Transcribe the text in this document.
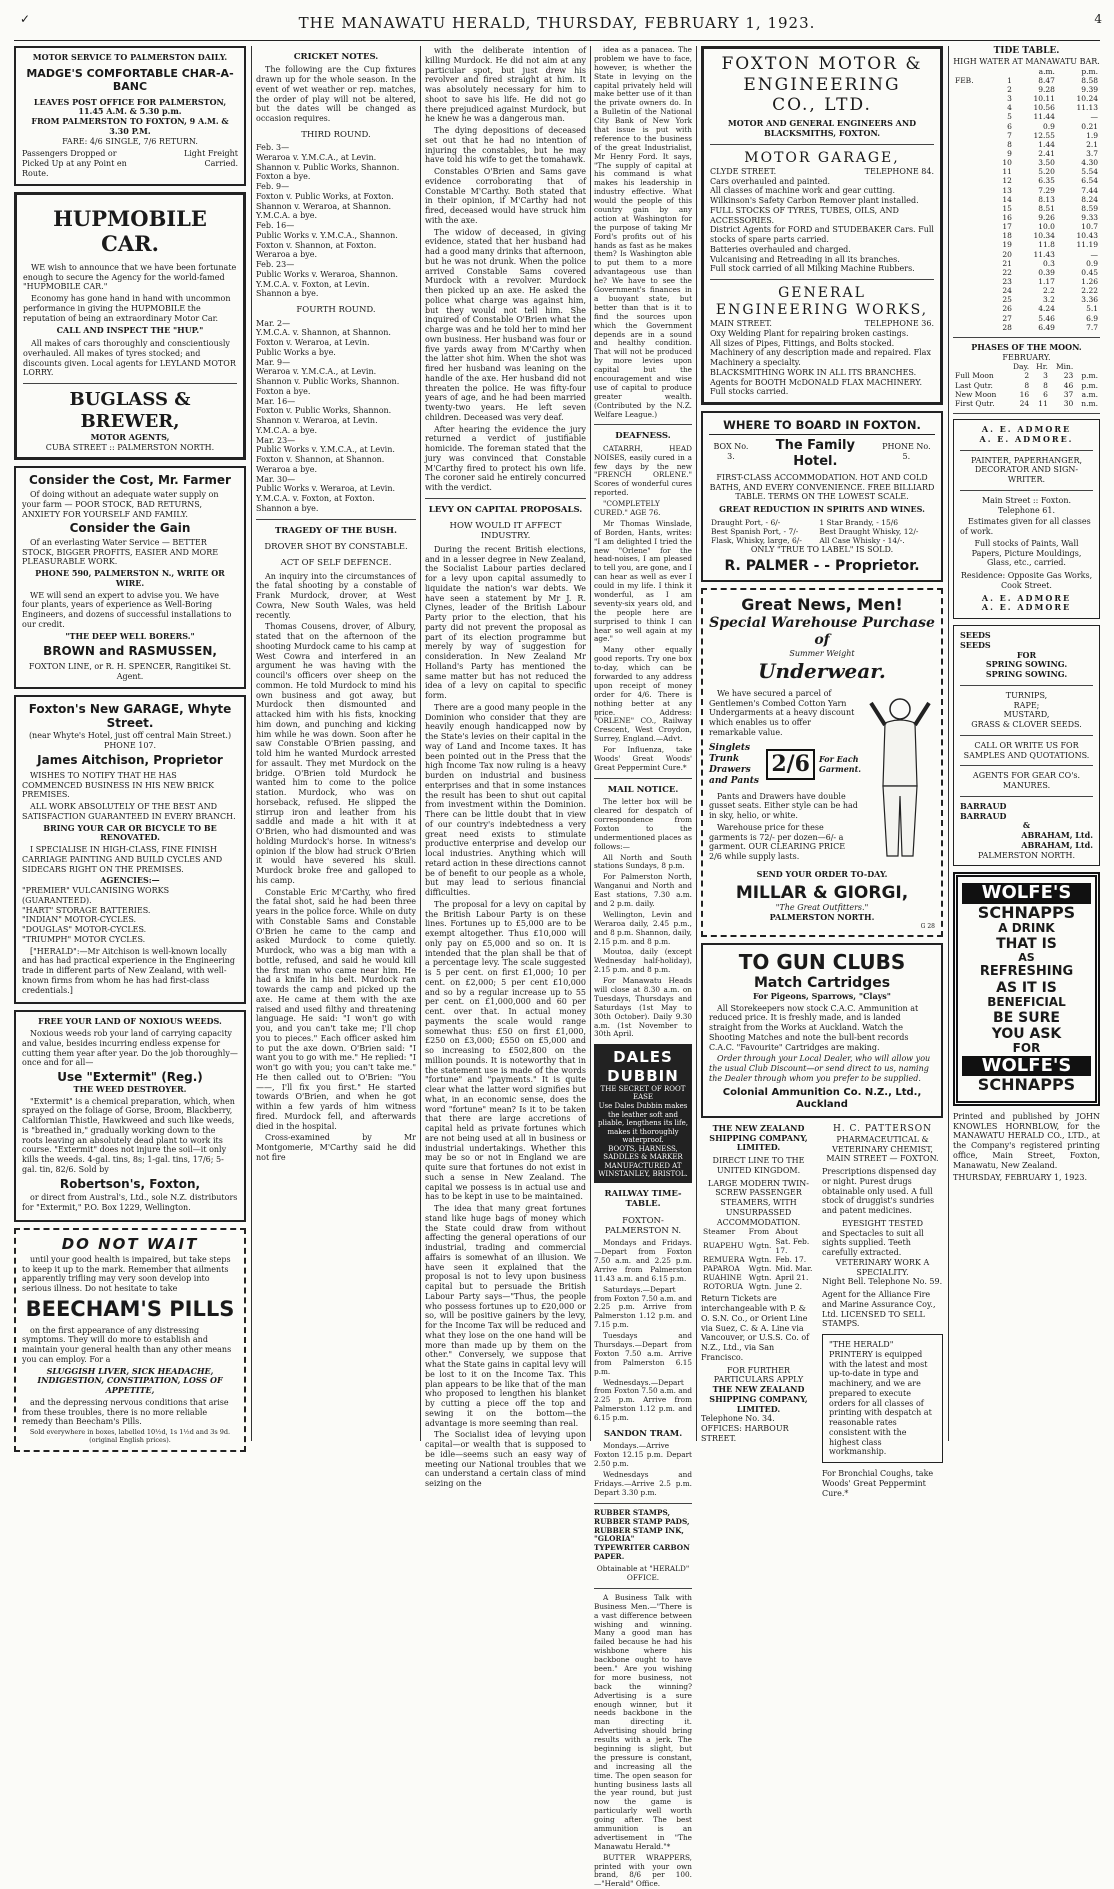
✓	THE MANAWATU HERALD, THURSDAY, FEBRUARY 1, 1923.	4
MOTOR SERVICE TO PALMERSTON DAILY.
MADGE'S COMFORTABLE CHAR-A-BANC
LEAVES POST OFFICE FOR PALMERSTON, 11.45 A.M. & 5.30 p.m.
FROM PALMERSTON TO FOXTON, 9 A.M. & 3.30 P.M.
FARE: 4/6 SINGLE, 7/6 RETURN.
Passengers Dropped or Picked Up at any Point en Route.
Light Freight Carried.
HUPMOBILE CAR.

WE wish to announce that we have been fortunate enough to secure the Agency for the world-famed "HUPMOBILE CAR."

Economy has gone hand in hand with uncommon performance in giving the HUPMOBILE the reputation of being an extraordinary Motor Car.

CALL AND INSPECT THE "HUP."

All makes of cars thoroughly and conscientiously overhauled. All makes of tyres stocked; and discounts given. Local agents for LEYLAND MOTOR LORRY.

BUGLASS & BREWER,
MOTOR AGENTS,
CUBA STREET :: PALMERSTON NORTH.
Consider the Cost, Mr. Farmer

Of doing without an adequate water supply on your farm — POOR STOCK, BAD RETURNS, ANXIETY FOR YOURSELF AND FAMILY.

Consider the Gain

Of an everlasting Water Service — BETTER STOCK, BIGGER PROFITS, EASIER AND MORE PLEASURABLE WORK.

PHONE 590, PALMERSTON N., WRITE OR WIRE.

WE will send an expert to advise you. We have four plants, years of experience as Well-Boring Engineers, and dozens of successful installations to our credit.

"THE DEEP WELL BORERS."
BROWN and RASMUSSEN,
FOXTON LINE, or R. H. SPENCER, Rangitikei St. Agent.
Foxton's New GARAGE, Whyte Street.
(near Whyte's Hotel, just off central Main Street.) PHONE 107.
James Aitchison, Proprietor

WISHES TO NOTIFY THAT HE HAS COMMENCED BUSINESS IN HIS NEW BRICK PREMISES.

ALL WORK ABSOLUTELY OF THE BEST AND SATISFACTION GUARANTEED IN EVERY BRANCH.

BRING YOUR CAR OR BICYCLE TO BE RENOVATED.

I SPECIALISE IN HIGH-CLASS, FINE FINISH CARRIAGE PAINTING AND BUILD CYCLES AND SIDECARS RIGHT ON THE PREMISES.

AGENCIES:—
"PREMIER" VULCANISING WORKS (GUARANTEED).
"HART" STORAGE BATTERIES.
"INDIAN" MOTOR-CYCLES.
"DOUGLAS" MOTOR-CYCLES.
"TRIUMPH" MOTOR CYCLES.

["HERALD":—Mr Aitchison is well-known locally and has had practical experience in the Engineering trade in different parts of New Zealand, with well-known firms from whom he has had first-class credentials.]

FREE YOUR LAND OF NOXIOUS WEEDS.

Noxious weeds rob your land of carrying capacity and value, besides incurring endless expense for cutting them year after year. Do the job thoroughly—once and for all—

Use "Extermit" (Reg.)
THE WEED DESTROYER.

"Extermit" is a chemical preparation, which, when sprayed on the foliage of Gorse, Broom, Blackberry, Californian Thistle, Hawkweed and such like weeds, is "breathed in," gradually working down to the roots leaving an absolutely dead plant to work its course. "Extermit" does not injure the soil—it only kills the weeds. 4-gal. tins, 8s; 1-gal. tins, 17/6; 5-gal. tin, 82/6. Sold by

Robertson's, Foxton,

or direct from Austral's, Ltd., sole N.Z. distributors for "Extermit," P.O. Box 1229, Wellington.

DO NOT WAIT

until your good health is impaired, but take steps to keep it up to the mark. Remember that ailments apparently trifling may very soon develop into serious illness. Do not hesitate to take

BEECHAM'S PILLS

on the first appearance of any distressing symptoms. They will do more to establish and maintain your general health than any other means you can employ. For a

SLUGGISH LIVER, SICK HEADACHE, INDIGESTION, CONSTIPATION, LOSS OF APPETITE,

and the depressing nervous conditions that arise from these troubles, there is no more reliable remedy than Beecham's Pills.

Sold everywhere in boxes, labelled 10½d, 1s 1½d and 3s 9d. (original English prices).
CRICKET NOTES.

The following are the Cup fixtures drawn up for the whole season. In the event of wet weather or rep. matches, the order of play will not be altered, but the dates will be changed as occasion requires.

THIRD ROUND.
Feb. 3—
Weraroa v. Y.M.C.A., at Levin.
Shannon v. Public Works, Shannon.
Foxton a bye.
Feb. 9—
Foxton v. Public Works, at Foxton.
Shannon v. Weraroa, at Shannon.
Y.M.C.A. a bye.
Feb. 16—
Public Works v. Y.M.C.A., Shannon.
Foxton v. Shannon, at Foxton.
Weraroa a bye.
Feb. 23—
Public Works v. Weraroa, Shannon.
Y.M.C.A. v. Foxton, at Levin.
Shannon a bye.
FOURTH ROUND.
Mar. 2—
Y.M.C.A. v. Shannon, at Shannon.
Foxton v. Weraroa, at Levin.
Public Works a bye.
Mar. 9—
Weraroa v. Y.M.C.A., at Levin.
Shannon v. Public Works, Shannon.
Foxton a bye.
Mar. 16—
Foxton v. Public Works, Shannon.
Shannon v. Weraroa, at Levin.
Y.M.C.A. a bye.
Mar. 23—
Public Works v. Y.M.C.A., at Levin.
Foxton v. Shannon, at Shannon.
Weraroa a bye.
Mar. 30—
Public Works v. Weraroa, at Levin.
Y.M.C.A. v. Foxton, at Foxton.
Shannon a bye.
TRAGEDY OF THE BUSH.
DROVER SHOT BY CONSTABLE.
ACT OF SELF DEFENCE.

An inquiry into the circumstances of the fatal shooting by a constable of Frank Murdock, drover, at West Cowra, New South Wales, was held recently.

Thomas Cousens, drover, of Albury, stated that on the afternoon of the shooting Murdock came to his camp at West Cowra and interfered in an argument he was having with the council's officers over sheep on the common. He told Murdock to mind his own business and got away, but Murdock then dismounted and attacked him with his fists, knocking him down, and punching and kicking him while he was down. Soon after he saw Constable O'Brien passing, and told him he wanted Murdock arrested for assault. They met Murdock on the bridge. O'Brien told Murdock he wanted him to come to the police station. Murdock, who was on horseback, refused. He slipped the stirrup iron and leather from his saddle and made a hit with it at O'Brien, who had dismounted and was holding Murdock's horse. In witness's opinion if the blow had struck O'Brien it would have severed his skull. Murdock broke free and galloped to his camp.

Constable Eric M'Carthy, who fired the fatal shot, said he had been three years in the police force. While on duty with Constable Sams and Constable O'Brien he came to the camp and asked Murdock to come quietly. Murdock, who was a big man with a bottle, refused, and said he would kill the first man who came near him. He had a knife in his belt. Murdock ran towards the camp and picked up the axe. He came at them with the axe raised and used filthy and threatening language. He said: "I won't go with you, and you can't take me; I'll chop you to pieces." Each officer asked him to put the axe down. O'Brien said: "I want you to go with me." He replied: "I won't go with you; you can't take me." He then called out to O'Brien: "You ——, I'll fix you first." He started towards O'Brien, and when he got within a few yards of him witness fired. Murdock fell, and afterwards died in the hospital.

Cross-examined by Mr Montgomerie, M'Carthy said he did not fire

with the deliberate intention of killing Murdock. He did not aim at any particular spot, but just drew his revolver and fired straight at him. It was absolutely necessary for him to shoot to save his life. He did not go there prejudiced against Murdock, but he knew he was a dangerous man.

The dying depositions of deceased set out that he had no intention of injuring the constables, but he may have told his wife to get the tomahawk.

Constables O'Brien and Sams gave evidence corroborating that of Constable M'Carthy. Both stated that in their opinion, if M'Carthy had not fired, deceased would have struck him with the axe.

The widow of deceased, in giving evidence, stated that her husband had had a good many drinks that afternoon, but he was not drunk. When the police arrived Constable Sams covered Murdock with a revolver. Murdock then picked up an axe. He asked the police what charge was against him, but they would not tell him. She inquired of Constable O'Brien what the charge was and he told her to mind her own business. Her husband was four or five yards away from M'Carthy when the latter shot him. When the shot was fired her husband was leaning on the handle of the axe. Her husband did not threaten the police. He was fifty-four years of age, and he had been married twenty-two years. He left seven children. Deceased was very deaf.

After hearing the evidence the jury returned a verdict of justifiable homicide. The foreman stated that the jury was convinced that Constable M'Carthy fired to protect his own life. The coroner said he entirely concurred with the verdict.

LEVY ON CAPITAL PROPOSALS.
HOW WOULD IT AFFECT INDUSTRY.

During the recent British elections, and in a lesser degree in New Zealand, the Socialist Labour parties declared for a levy upon capital assumedly to liquidate the nation's war debts. We have seen a statement by Mr J. R. Clynes, leader of the British Labour Party prior to the election, that his party did not prevent the proposal as part of its election programme but merely by way of suggestion for consideration. In New Zealand Mr Holland's Party has mentioned the same matter but has not reduced the idea of a levy on capital to specific form.

There are a good many people in the Dominion who consider that they are heavily enough handicapped now by the State's levies on their capital in the way of Land and Income taxes. It has been pointed out in the Press that the high Income Tax now ruling is a heavy burden on industrial and business enterprises and that in some instances the result has been to shut out capital from investment within the Dominion. There can be little doubt that in view of our country's indebtedness a very great need exists to stimulate productive enterprise and develop our local industries. Anything which will retard action in these directions cannot be of benefit to our people as a whole, but may lead to serious financial difficulties.

The proposal for a levy on capital by the British Labour Party is on these lines. Fortunes up to £5,000 are to be exempt altogether. Thus £10,000 will only pay on £5,000 and so on. It is intended that the plan shall be that of a percentage levy. The scale suggested is 5 per cent. on first £1,000; 10 per cent. on £2,000; 5 per cent £10,000 and so by a regular increase up to 55 per cent. on £1,000,000 and 60 per cent. over that. In actual money payments the scale would range somewhat thus: £50 on first £1,000, £250 on £3,000; £550 on £5,000 and so increasing to £502,800 on the million pounds. It is noteworthy that in the statement use is made of the words "fortune" and "payments." It is quite clear what the latter word signifies but what, in an economic sense, does the word "fortune" mean? Is it to be taken that there are large accretions of capital held as private fortunes which are not being used at all in business or industrial undertakings. Whether this may be so or not in England we are quite sure that fortunes do not exist in such a sense in New Zealand. The capital we possess is in actual use and has to be kept in use to be maintained.

The idea that many great fortunes stand like huge bags of money which the State could draw from without affecting the general operations of our industrial, trading and commercial affairs is somewhat of an illusion. We have seen it explained that the proposal is not to levy upon business capital but to persuade the British Labour Party says—"Thus, the people who possess fortunes up to £20,000 or so, will be positive gainers by the levy, for the Income Tax will be reduced and what they lose on the one hand will be more than made up by them on the other." Conversely, we suppose that what the State gains in capital levy will be lost to it on the Income Tax. This plan appears to be like that of the man who proposed to lengthen his blanket by cutting a piece off the top and sewing it on the bottom—the advantage is more seeming than real.

The Socialist idea of levying upon capital—or wealth that is supposed to be idle—seems such an easy way of meeting our National troubles that we can understand a certain class of mind seizing on the

idea as a panacea. The problem we have to face, however, is whether the State in levying on the capital privately held will make better use of it than the private owners do. In a Bulletin of the National City Bank of New York that issue is put with reference to the business of the great Industrialist, Mr Henry Ford. It says, "The supply of capital at his command is what makes his leadership in industry effective. What would the people of this country gain by any action at Washington for the purpose of taking Mr Ford's profits out of his hands as fast as he makes them? Is Washington able to put them to a more advantageous use than he? We have to see the Government's finances in a buoyant state, but better than that is it to find the sources upon which the Government depends are in a sound and healthy condition. That will not be produced by more levies upon capital but the encouragement and wise use of capital to produce greater wealth. (Contributed by the N.Z. Welfare League.)

DEAFNESS.

CATARRH, HEAD NOISES, easily cured in a few days by the new "FRENCH ORLENE." Scores of wonderful cures reported.

"COMPLETELY CURED." AGE 76.

Mr Thomas Winslade, of Borden, Hants, writes: "I am delighted I tried the new "Orlene" for the head-noises, I am pleased to tell you, are gone, and I can hear as well as ever I could in my life. I think it wonderful, as I am seventy-six years old, and the people here are surprised to think I can hear so well again at my age."

Many other equally good reports. Try one box to-day, which can be forwarded to any address upon receipt of money order for 4/6. There is nothing better at any price. Address: "ORLENE" CO., Railway Crescent, West Croydon, Surrey, England.—Advt.

For Influenza, take Woods' Great Woods' Great Peppermint Cure.*

MAIL NOTICE.

The letter box will be cleared for despatch of correspondence from Foxton to the undermentioned places as follows:—

All North and South stations Sundays, 8 p.m.

For Palmerston North, Wanganui and North and East stations, 7.30 a.m. and 2 p.m. daily.

Wellington, Levin and Weraroa daily, 2.45 p.m., and 8 p.m. Shannon, daily, 2.15 p.m. and 8 p.m.

Moutoa, daily (except Wednesday half-holiday), 2.15 p.m. and 8 p.m.

For Manawatu Heads will close at 8.30 a.m. on Tuesdays, Thursdays and Saturdays (1st May to 30th October). Daily 9.30 a.m. (1st November to 30th April.

DALES DUBBIN
THE SECRET OF ROOT EASE
Use Dales Dubbin makes the leather soft and pliable, lengthens its life, makes it thoroughly waterproof.
BOOTS, HARNESS, SADDLES & MARKER
MANUFACTURED AT WINSTANLEY, BRISTOL.
RAILWAY TIME-TABLE.
FOXTON-PALMERSTON N.

Mondays and Fridays.—Depart from Foxton 7.50 a.m. and 2.25 p.m. Arrive from Palmerston 11.43 a.m. and 6.15 p.m.

Saturdays.—Depart from Foxton 7.50 a.m. and 2.25 p.m. Arrive from Palmerston 1.12 p.m. and 7.15 p.m.

Tuesdays and Thursdays.—Depart from Foxton 7.50 a.m. Arrive from Palmerston 6.15 p.m.

Wednesdays.—Depart from Foxton 7.50 a.m. and 2.25 p.m. Arrive from Palmerston 1.12 p.m. and 6.15 p.m.

SANDON TRAM.

Mondays.—Arrive Foxton 12.15 p.m. Depart 2.50 p.m.

Wednesdays and Fridays.—Arrive 2.5 p.m. Depart 3.30 p.m.

RUBBER STAMPS,
RUBBER STAMP PADS,
RUBBER STAMP INK,
"GLORIA" TYPEWRITER CARBON PAPER.
Obtainable at "HERALD" OFFICE.

A Business Talk with Business Men.—"There is a vast difference between wishing and winning. Many a good man has failed because he had his wishbone where his backbone ought to have been." Are you wishing for more business, not back the winning? Advertising is a sure enough winner, but it needs backbone in the man directing it. Advertising should bring results with a jerk. The beginning is slight, but the pressure is constant, and increasing all the time. The open season for hunting business lasts all the year round, but just now the game is particularly well worth going after. The best ammunition is an advertisement in "The Manawatu Herald."*

BUTTER WRAPPERS, printed with your own brand, 8/6 per 100. —"Herald" Office.

FOXTON MOTOR &
ENGINEERING
CO., LTD.
MOTOR AND GENERAL ENGINEERS AND BLACKSMITHS, FOXTON.
MOTOR GARAGE,
CLYDE STREET.	TELEPHONE 84.
Cars overhauled and painted.
All classes of machine work and gear cutting.
Wilkinson's Safety Carbon Remover plant installed.
FULL STOCKS OF TYRES, TUBES, OILS, AND ACCESSORIES.
District Agents for FORD and STUDEBAKER Cars. Full stocks of spare parts carried.
Batteries overhauled and charged.
Vulcanising and Retreading in all its branches.
Full stock carried of all Milking Machine Rubbers.
GENERAL ENGINEERING WORKS,
MAIN STREET.	TELEPHONE 36.
Oxy Welding Plant for repairing broken castings.
All sizes of Pipes, Fittings, and Bolts stocked.
Machinery of any description made and repaired. Flax Machinery a specialty.
BLACKSMITHING WORK IN ALL ITS BRANCHES.
Agents for BOOTH McDONALD FLAX MACHINERY. Full stocks carried.
WHERE TO BOARD IN FOXTON.
BOX No. 3.
The Family Hotel.
PHONE No. 5.
FIRST-CLASS ACCOMMODATION. HOT AND COLD BATHS, AND EVERY CONVENIENCE. FREE BILLIARD TABLE. TERMS ON THE LOWEST SCALE.
GREAT REDUCTION IN SPIRITS AND WINES.
Draught Port, - 6/-	1 Star Brandy, - 15/6
Best Spanish Port, - 7/-	Best Draught Whisky, 12/-
Flask, Whisky, large, 6/-	All Case Whisky - 14/-.
ONLY "TRUE TO LABEL" IS SOLD.
R. PALMER - - Proprietor.
Great News, Men!
Special Warehouse Purchase of
Summer Weight
Underwear.

We have secured a parcel of Gentlemen's Combed Cotton Yarn Undergarments at a heavy discount which enables us to offer remarkable value.

Singlets
Trunk Drawers
and Pants
2/6	For Each Garment.

Pants and Drawers have double gusset seats. Either style can be had in sky, helio, or white.

Warehouse price for these garments is 72/- per dozen—6/- a garment. OUR CLEARING PRICE 2/6 while supply lasts.

SEND YOUR ORDER TO-DAY.
MILLAR & GIORGI,
"The Great Outfitters."
PALMERSTON NORTH.
G 28
TO GUN CLUBS
Match Cartridges
For Pigeons, Sparrows, "Clays"

All Storekeepers now stock C.A.C. Ammunition at reduced price. It is freshly made, and is landed straight from the Works at Auckland. Watch the Shooting Matches and note the bull-bent records C.A.C. "Favourite" Cartridges are making.

Order through your Local Dealer, who will allow you the usual Club Discount—or send direct to us, naming the Dealer through whom you prefer to be supplied.

Colonial Ammunition Co. N.Z., Ltd., Auckland
THE NEW ZEALAND SHIPPING COMPANY, LIMITED.
DIRECT LINE TO THE UNITED KINGDOM.
LARGE MODERN TWIN-SCREW PASSENGER STEAMERS, WITH UNSURPASSED ACCOMMODATION.
Steamer	From	About
RUAPEHU	Wgtn.	Sat. Feb. 17.
REMUERA	Wgtn.	Feb. 17.
PAPAROA	Wgtn.	Mid. Mar.
RUAHINE	Wgtn.	April 21.
ROTORUA	Wgtn.	June 2.
Return Tickets are interchangeable with P. & O. S.N. Co., or Orient Line via Suez, C. & A. Line via Vancouver, or U.S.S. Co. of N.Z., Ltd., via San Francisco.
FOR FURTHER PARTICULARS APPLY
THE NEW ZEALAND SHIPPING COMPANY, LIMITED.
Telephone No. 34.
OFFICES: HARBOUR STREET.
H. C. PATTERSON
PHARMACEUTICAL & VETERINARY CHEMIST,
MAIN STREET — FOXTON.
Prescriptions dispensed day or night. Purest drugs obtainable only used. A full stock of druggist's sundries and patent medicines.
EYESIGHT TESTED
and Spectacles to suit all sights supplied. Teeth carefully extracted.
VETERINARY WORK A SPECIALITY.
Night Bell. Telephone No. 59.
Agent for the Alliance Fire and Marine Assurance Coy., Ltd. LICENSED TO SELL STAMPS.
"THE HERALD" PRINTERY is equipped with the latest and most up-to-date in type and machinery, and we are prepared to execute orders for all classes of printing with despatch at reasonable rates consistent with the highest class workmanship.
For Bronchial Coughs, take Woods' Great Peppermint Cure.*
TIDE TABLE.
HIGH WATER AT MANAWATU BAR.
		a.m.	p.m.
FEB.	1	8.47	8.58
	2	9.28	9.39
	3	10.11	10.24
	4	10.56	11.13
	5	11.44	—
	6	0.9	0.21
	7	12.55	1.9
	8	1.44	2.1
	9	2.41	3.7
	10	3.50	4.30
	11	5.20	5.54
	12	6.35	6.54
	13	7.29	7.44
	14	8.13	8.24
	15	8.51	8.59
	16	9.26	9.33
	17	10.0	10.7
	18	10.34	10.43
	19	11.8	11.19
	20	11.43	—
	21	0.3	0.9
	22	0.39	0.45
	23	1.17	1.26
	24	2.2	2.22
	25	3.2	3.36
	26	4.24	5.1
	27	5.46	6.9
	28	6.49	7.7
PHASES OF THE MOON.
FEBRUARY.
	Day.	Hr.	Min.	
Full Moon	2	3	23	p.m.
Last Qutr.	8	8	46	p.m.
New Moon	16	6	37	a.m.
First Qutr.	24	11	30	n.m.
A. E. ADMORE
A. E. ADMORE.
PAINTER, PAPERHANGER, DECORATOR AND SIGN-WRITER.
Main Street :: Foxton.
Telephone 61.

Estimates given for all classes of work.

Full stocks of Paints, Wall Papers, Picture Mouldings, Glass, etc., carried.
Residence: Opposite Gas Works, Cook Street.
A. E. ADMORE
A. E. ADMORE
SEEDS
SEEDS
FOR
SPRING SOWING.
SPRING SOWING.
TURNIPS,
RAPE;
MUSTARD,
GRASS & CLOVER SEEDS.
CALL OR WRITE US FOR SAMPLES AND QUOTATIONS.
AGENTS FOR GEAR CO's. MANURES.
BARRAUD
BARRAUD
&
ABRAHAM, Ltd.
ABRAHAM, Ltd.
PALMERSTON NORTH.
WOLFE'S
SCHNAPPS
A DRINK
THAT IS
AS
REFRESHING
AS IT IS
BENEFICIAL
BE SURE
YOU ASK
FOR
WOLFE'S
SCHNAPPS
Printed and published by JOHN KNOWLES HORNBLOW, for the MANAWATU HERALD CO., LTD., at the Company's registered printing office, Main Street, Foxton, Manawatu, New Zealand.
THURSDAY, FEBRUARY 1, 1923.
